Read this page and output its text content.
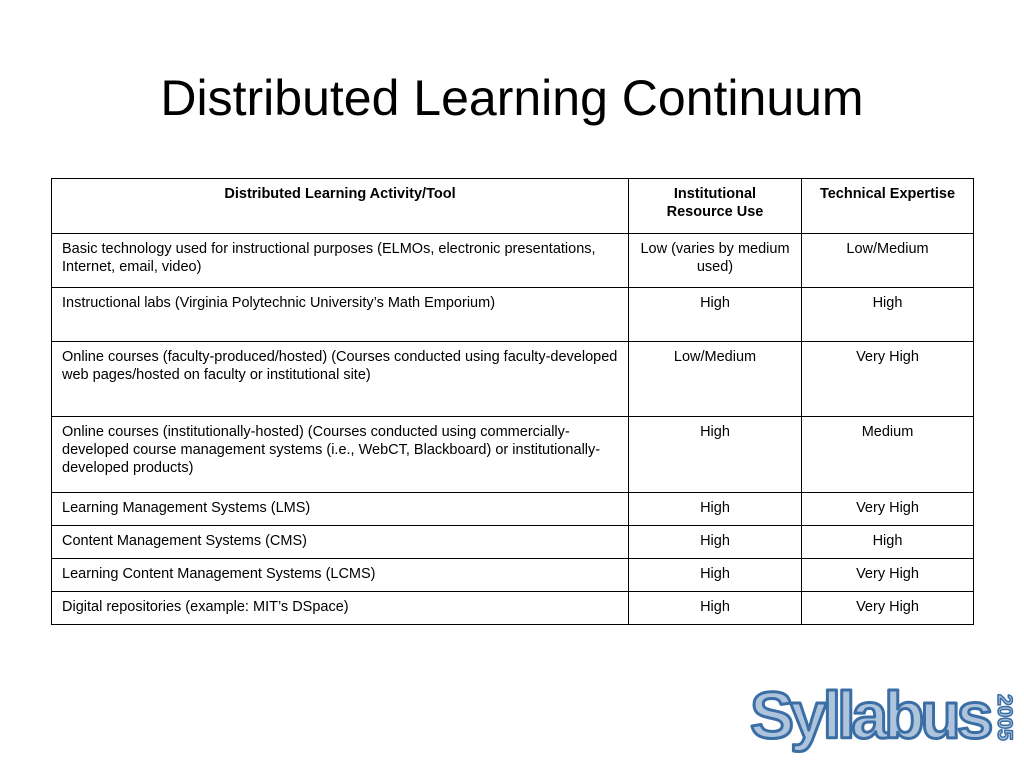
Distributed Learning Continuum
Distributed Learning Activity/Tool	Institutional Resource Use	Technical Expertise
Basic technology used for instructional purposes (ELMOs, electronic presentations, Internet, email, video)	Low (varies by medium used)	Low/Medium
Instructional labs (Virginia Polytechnic University’s Math Emporium)	High	High
Online courses (faculty-produced/hosted) (Courses conducted using faculty-developed web pages/hosted on faculty or institutional site)	Low/Medium	Very High
Online courses (institutionally-hosted) (Courses conducted using commercially-developed course management systems (i.e., WebCT, Blackboard) or institutionally-developed products)	High	Medium
Learning Management Systems (LMS)	High	Very High
Content Management Systems (CMS)	High	High
Learning Content Management Systems (LCMS)	High	Very High
Digital repositories (example: MIT’s DSpace)	High	Very High
Syllabus 2005
